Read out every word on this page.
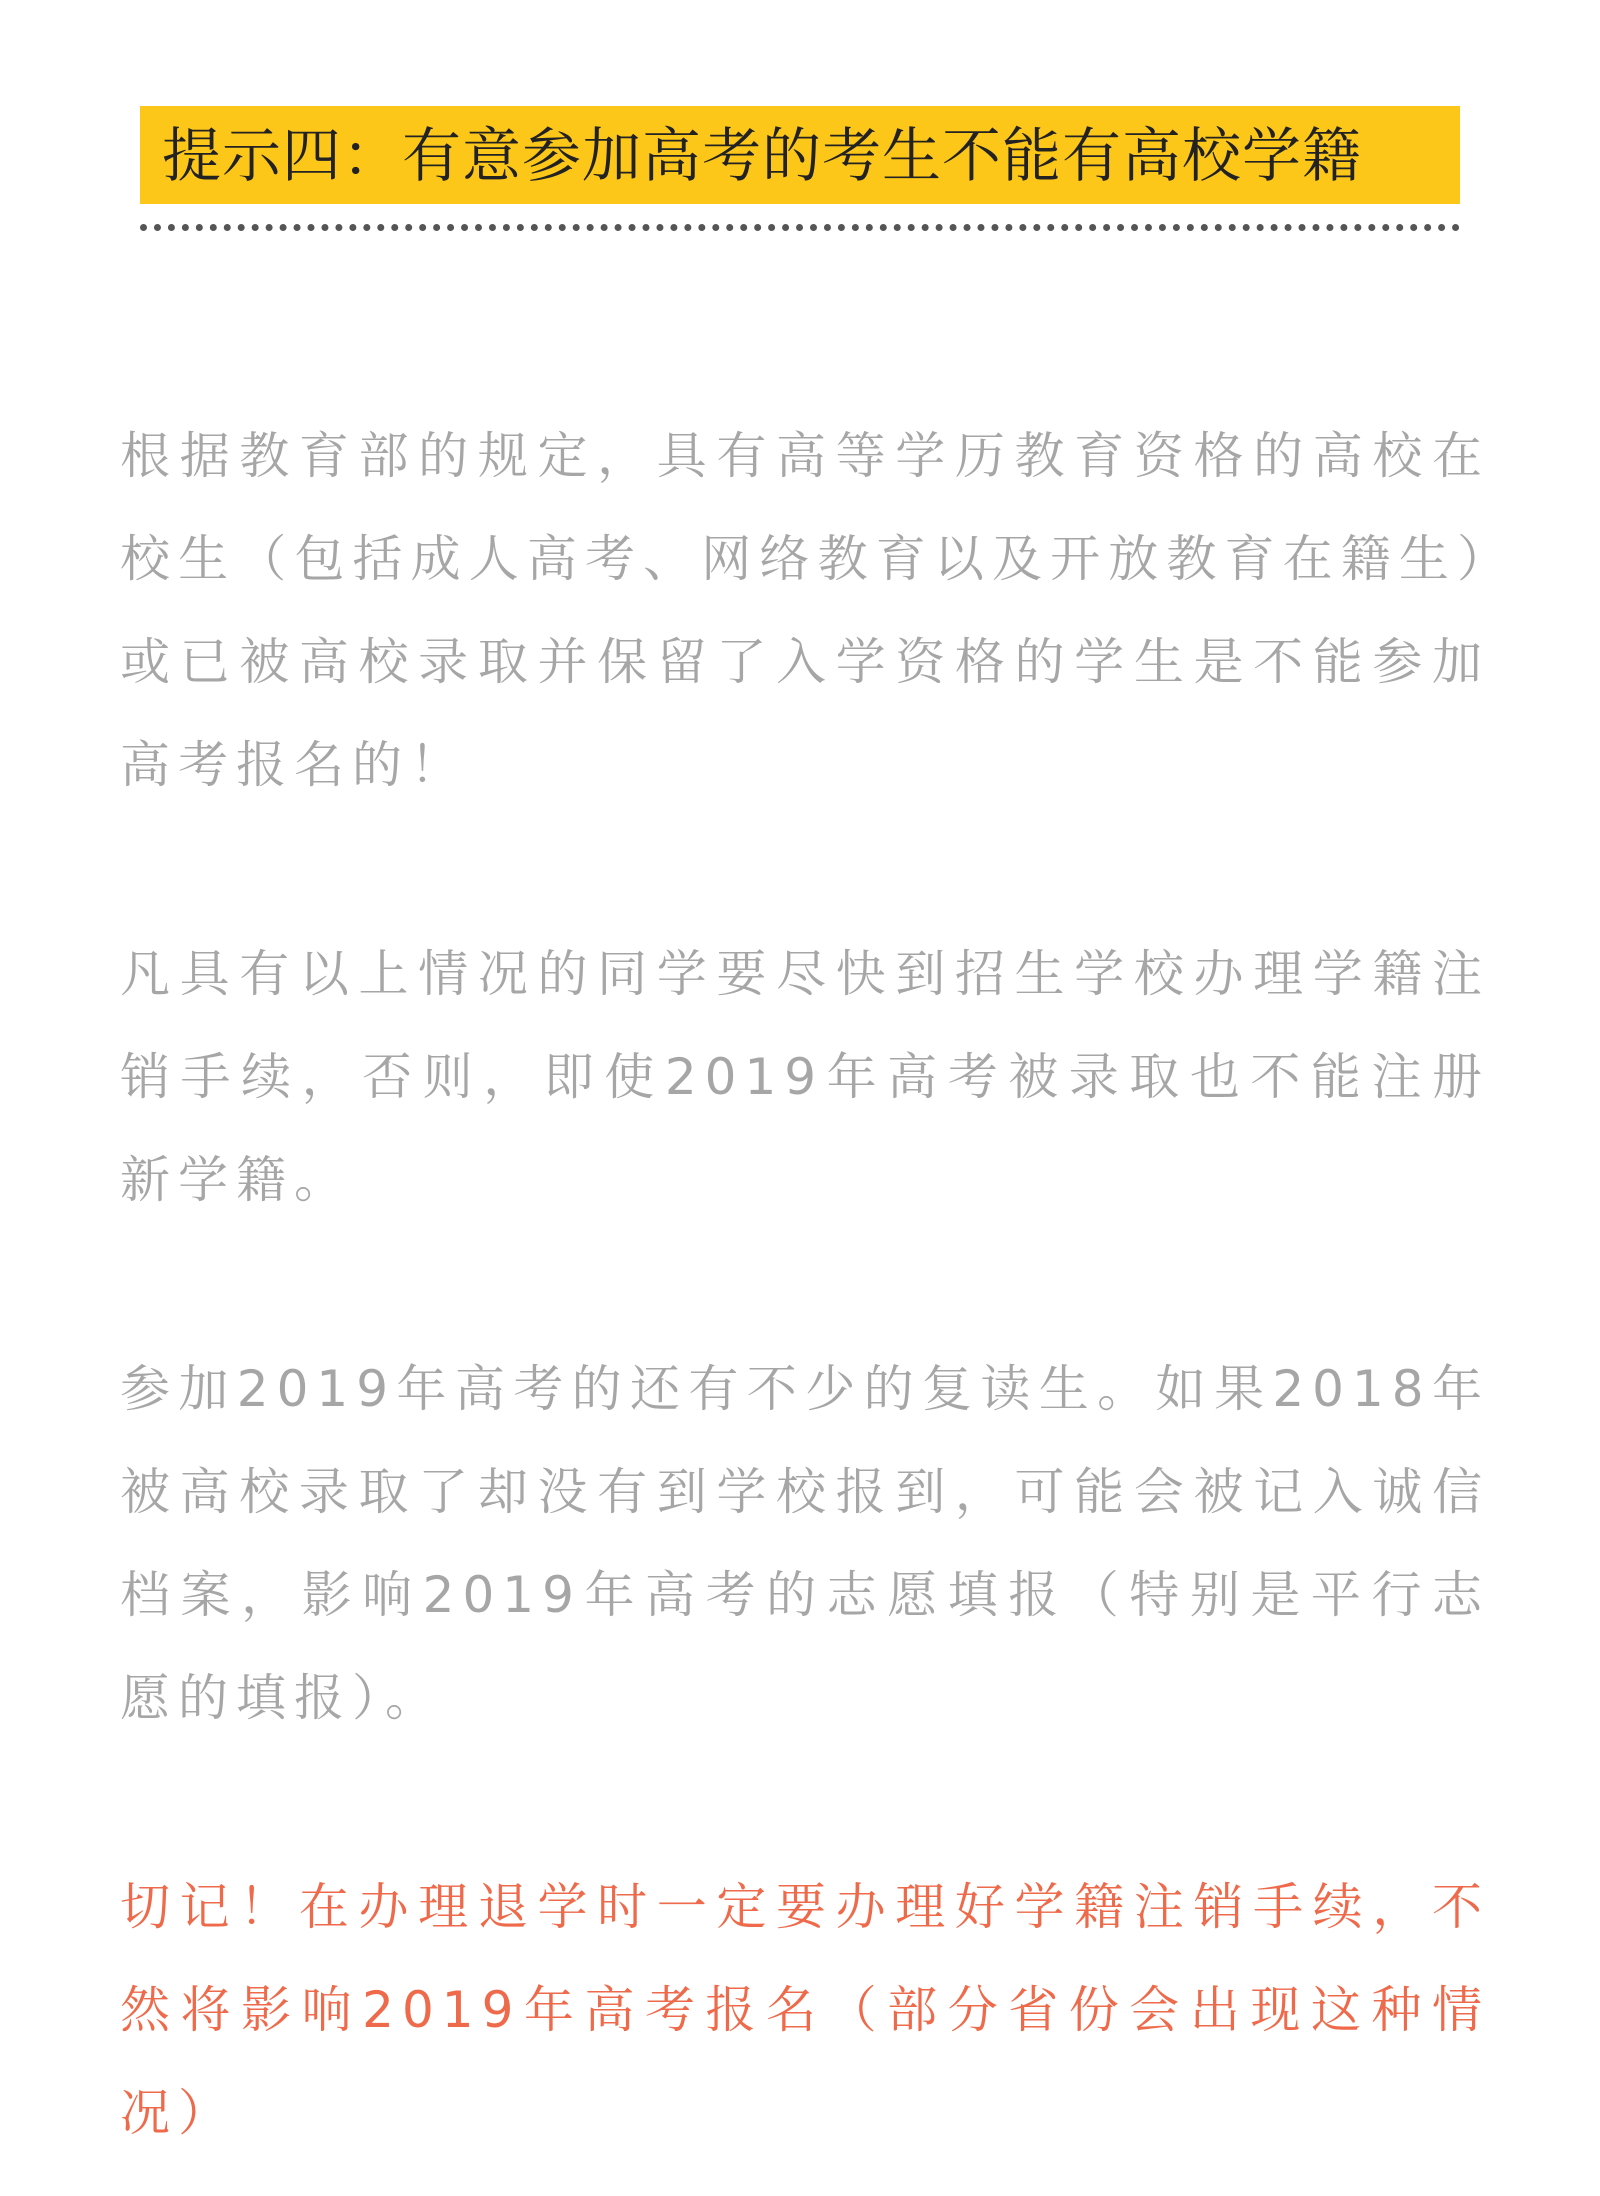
提示四：有意参加高考的考生不能有高校学籍

根据教育部的规定，具有高等学历教育资格的高校在校生（包括成人高考、网络教育以及开放教育在籍生）或已被高校录取并保留了入学资格的学生是不能参加高考报名的！

凡具有以上情况的同学要尽快到招生学校办理学籍注销手续，否则，即使2019年高考被录取也不能注册新学籍。

参加2019年高考的还有不少的复读生。如果2018年被高校录取了却没有到学校报到，可能会被记入诚信档案，影响2019年高考的志愿填报（特别是平行志愿的填报）。

切记！在办理退学时一定要办理好学籍注销手续，不然将影响2019年高考报名（部分省份会出现这种情况）
